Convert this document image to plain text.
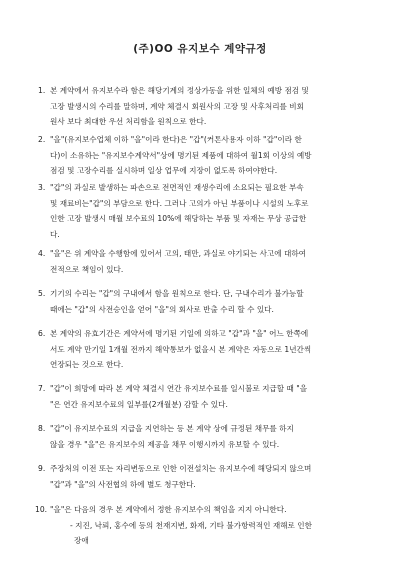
(주)OO 유지보수 계약규정
1. 본 계약에서 유지보수라 함은 해당기계의 정상가동을 위한 일체의 예방 점검 및
고장 발생시의 수리를 말하며, 계약 체결시 회원사의 고장 및 사후처리를 비회
원사 보다 최대한 우선 처리함을 원칙으로 한다.
2. "을"(유지보수업체 이하 "을"이라 한다)은 "갑"(커톤사용자 이하 "갑"이라 한
다)이 소유하는 "유지보수계약서"상에 명기된 제품에 대하여 월1회 이상의 예방
점검 및 고장수리를 실시하며 일상 업무에 지장이 없도록 하여야한다.
3. "갑"의 과실로 발생하는 파손으로 전면적인 재생수리에 소요되는 필요한 부속
및 재료비는"갑"의 부담으로 한다. 그러나 고의가 아닌 부품이나 시설의 노후로
인한 고장 발생시 매월 보수료의 10%에 해당하는 부품 및 자재는 무상 공급한
다.
4. "을"은 위 계약을 수행함에 있어서 고의, 태만, 과실로 야기되는 사고에 대하여
전적으로 책임이 있다.
5. 기기의 수리는 "갑"의 구내에서 함을 원칙으로 한다. 단, 구내수리가 불가능할
때에는 "갑"의 사전승인을 얻어 "을"의 회사로 반출 수리 할 수 있다.
6. 본 계약의 유효기간은 계약서에 명기된 기일에 의하고 "갑"과 "을" 어느 한쪽에
서도 계약 만기일 1개월 전까지 해약통보가 없을시 본 계약은 자동으로 1년간씩
연장되는 것으로 한다.
7. "갑"이 희망에 따라 본 계약 체결시 연간 유지보수료를 일시불로 지급할 때 "을
"은 연간 유지보수료의 일부를(2개월분) 감할 수 있다.
8. "갑"이 유지보수료의 지급을 지연하는 등 본 계약 상에 규정된 채무를 하지
않을 경우 "을"은 유지보수의 제공을 채무 이행시까지 유보할 수 있다.
9. 주장처의 이전 또는 자리변동으로 인한 이전설치는 유지보수에 해당되지 않으며
"갑"과 "을"의 사전협의 하에 별도 청구한다.
10. "을"은 다음의 경우 본 계약에서 정한 유지보수의 책임을 지지 아니한다.
- 지진, 낙뢰, 홍수에 등의 천재지변, 화재, 기타 불가항력적인 재해로 인한
장애
